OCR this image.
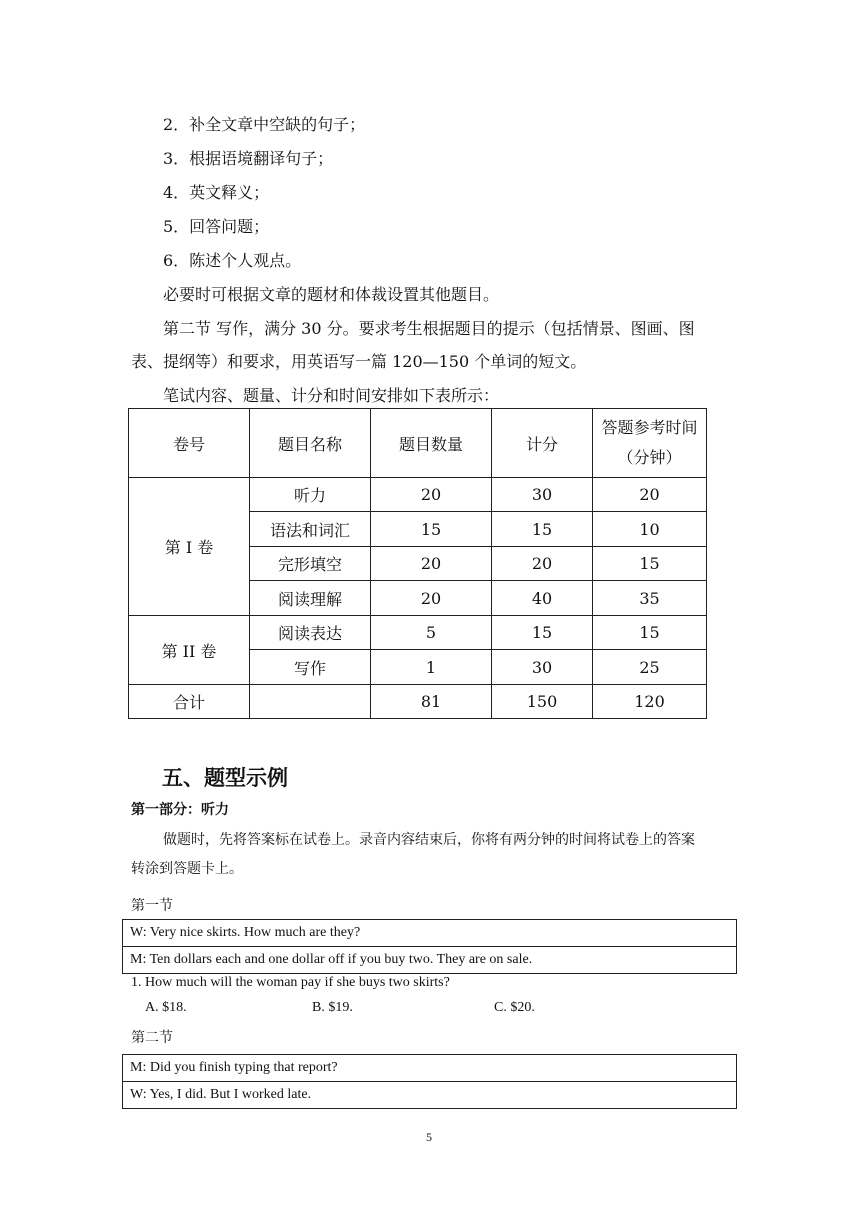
2．补全文章中空缺的句子；
3．根据语境翻译句子；
4．英文释义；
5．回答问题；
6．陈述个人观点。
必要时可根据文章的题材和体裁设置其他题目。
第二节 写作，满分 30 分。要求考生根据题目的提示（包括情景、图画、图
表、提纲等）和要求，用英语写一篇 120—150 个单词的短文。
笔试内容、题量、计分和时间安排如下表所示：
卷号	题目名称	题目数量	计分	答题参考时间
（分钟）

第 I 卷	听力	20	30	20
	语法和词汇	15	15	10
	完形填空	20	20	15
	阅读理解	20	40	35
第 II 卷	阅读表达	5	15	15
	写作	1	30	25
合计		81	150	120
五、题型示例
第一部分：听力
做题时，先将答案标在试卷上。录音内容结束后，你将有两分钟的时间将试卷上的答案
转涂到答题卡上。
第一节
W: Very nice skirts. How much are they?
M: Ten dollars each and one dollar off if you buy two. They are on sale.
1. How much will the woman pay if she buys two skirts?
A. $18.	B. $19.	C. $20.
第二节
M: Did you finish typing that report?
W: Yes, I did. But I worked late.
5
